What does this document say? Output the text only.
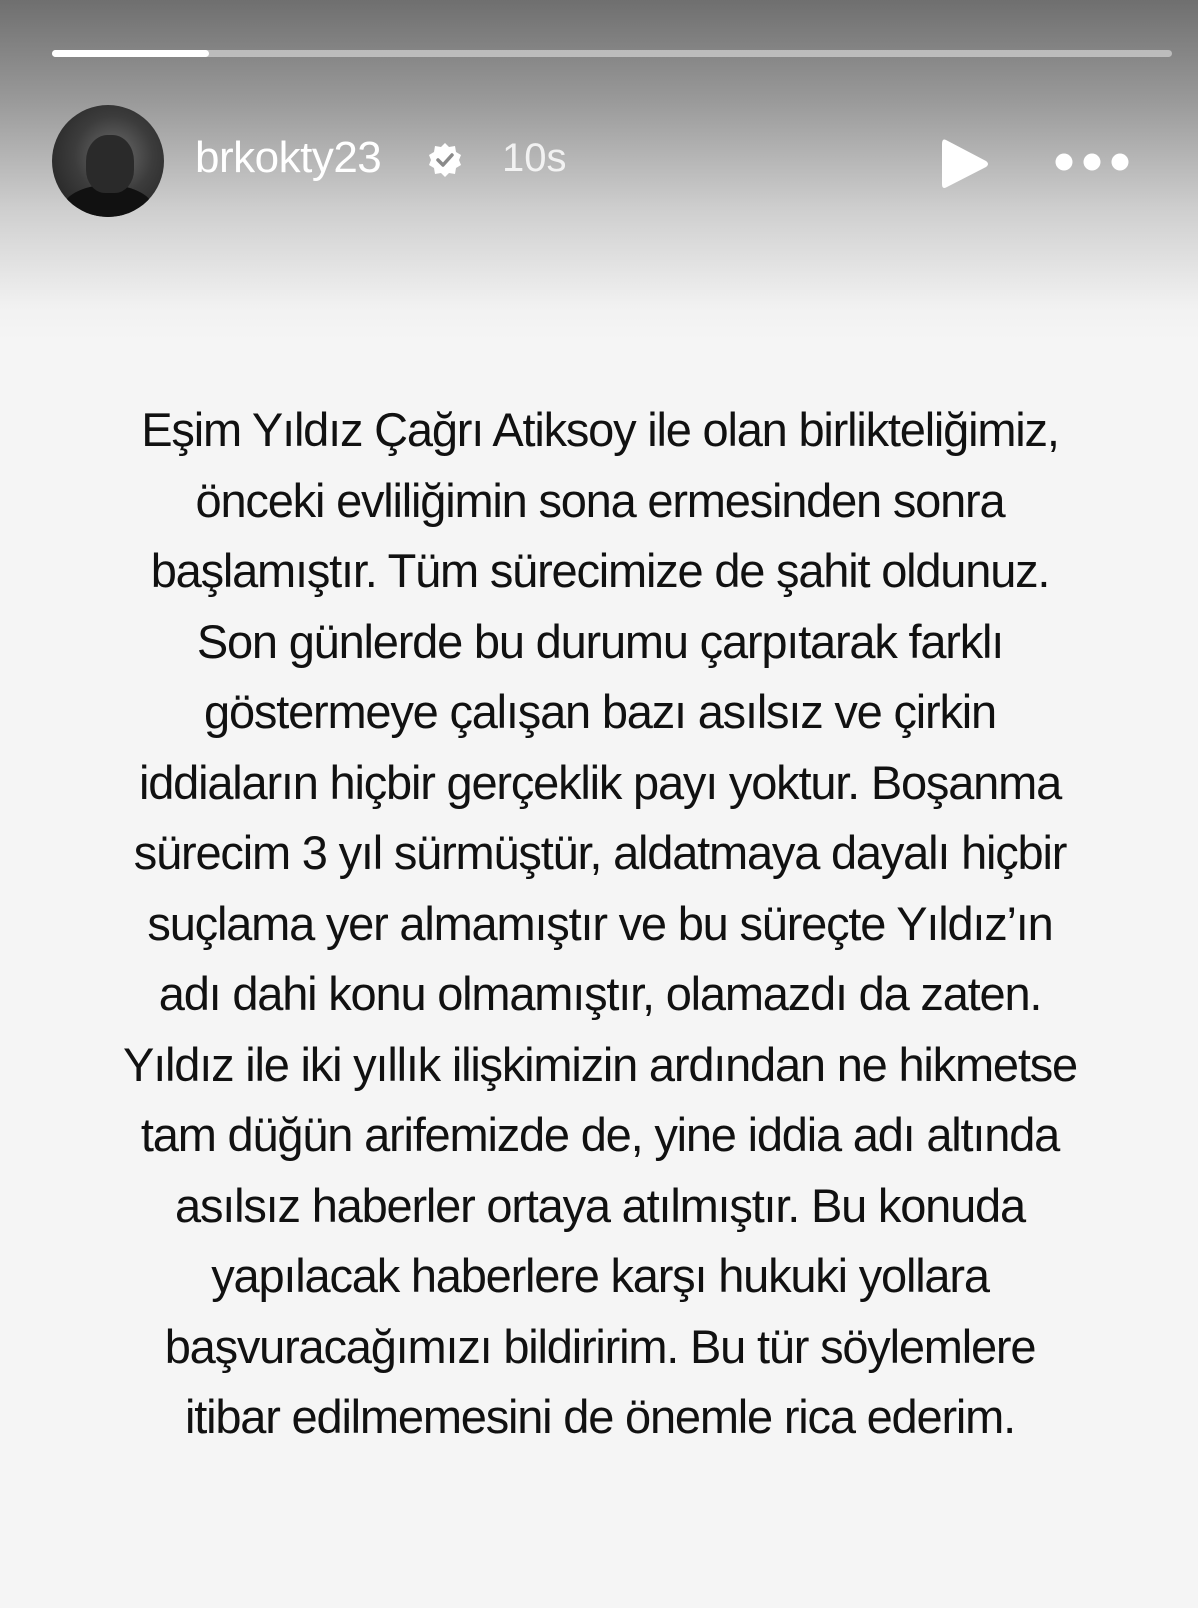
brkokty23	10s
Eşim Yıldız Çağrı Atiksoy ile olan birlikteliğimiz,
önceki evliliğimin sona ermesinden sonra
başlamıştır. Tüm sürecimize de şahit oldunuz.
Son günlerde bu durumu çarpıtarak farklı
göstermeye çalışan bazı asılsız ve çirkin
iddiaların hiçbir gerçeklik payı yoktur. Boşanma
sürecim 3 yıl sürmüştür, aldatmaya dayalı hiçbir
suçlama yer almamıştır ve bu süreçte Yıldız’ın
adı dahi konu olmamıştır, olamazdı da zaten.
Yıldız ile iki yıllık ilişkimizin ardından ne hikmetse
tam düğün arifemizde de, yine iddia adı altında
asılsız haberler ortaya atılmıştır. Bu konuda
yapılacak haberlere karşı hukuki yollara
başvuracağımızı bildiririm. Bu tür söylemlere
itibar edilmemesini de önemle rica ederim.
